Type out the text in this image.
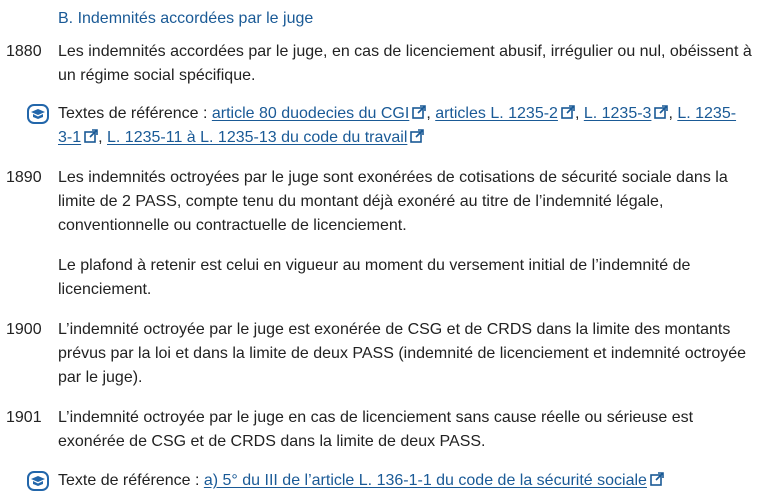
B. Indemnités accordées par le juge
1880	Les indemnités accordées par le juge, en cas de licenciement abusif, irrégulier ou nul, obéissent à
un régime social spécifique.

Textes de référence : article 80 duodecies du CGI , articles L. 1235-2 , L. 1235-3 , L. 1235-
3-1 , L. 1235-11 à L. 1235-13 du code du travail

1890	Les indemnités octroyées par le juge sont exonérées de cotisations de sécurité sociale dans la
limite de 2 PASS, compte tenu du montant déjà exonéré au titre de l’indemnité légale,
conventionnelle ou contractuelle de licenciement.

Le plafond à retenir est celui en vigueur au moment du versement initial de l’indemnité de
licenciement.

1900	L’indemnité octroyée par le juge est exonérée de CSG et de CRDS dans la limite des montants
prévus par la loi et dans la limite de deux PASS (indemnité de licenciement et indemnité octroyée
par le juge).

1901	L’indemnité octroyée par le juge en cas de licenciement sans cause réelle ou sérieuse est
exonérée de CSG et de CRDS dans la limite de deux PASS.

Texte de référence : a) 5° du III de l’article L. 136-1-1 du code de la sécurité sociale
